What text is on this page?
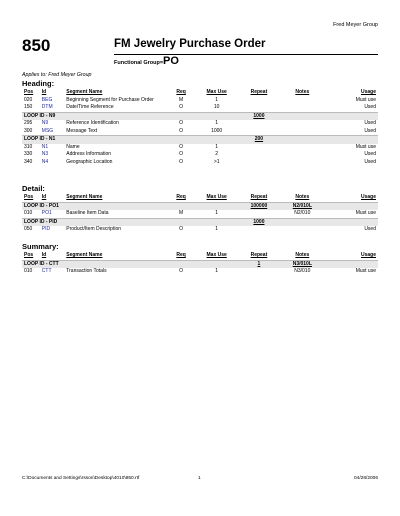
Fred Meyer Group
850	FM Jewelry Purchase Order
Functional Group=PO
Applies to: Fred Meyer Group
Heading:
Pos	Id	Segment Name	Req	Max Use	Repeat	Notes	Usage
020	BEG	Beginning Segment for Purchase Order	M	1			Must use
150	DTM	Date/Time Reference	O	10			Used
LOOP ID - N9					1000		
295	N9	Reference Identification	O	1			Used
300	MSG	Message Text	O	1000			Used
LOOP ID - N1					200		
310	N1	Name	O	1			Must use
330	N3	Address Information	O	2			Used
340	N4	Geographic Location	O	>1			Used
Detail:
Pos	Id	Segment Name	Req	Max Use	Repeat	Notes	Usage
LOOP ID - PO1					100000	N2/010L	
010	PO1	Baseline Item Data	M	1		N2/010	Must use
LOOP ID - PID					1000		
050	PID	Product/Item Description	O	1			Used
Summary:
Pos	Id	Segment Name	Req	Max Use	Repeat	Notes	Usage
LOOP ID - CTT					1	N3/010L	
010	CTT	Transaction Totals	O	1		N3/010	Must use
C:\Documents and Settings\rsson\Desktop\4010\850.rtf	1	04/28/2006
